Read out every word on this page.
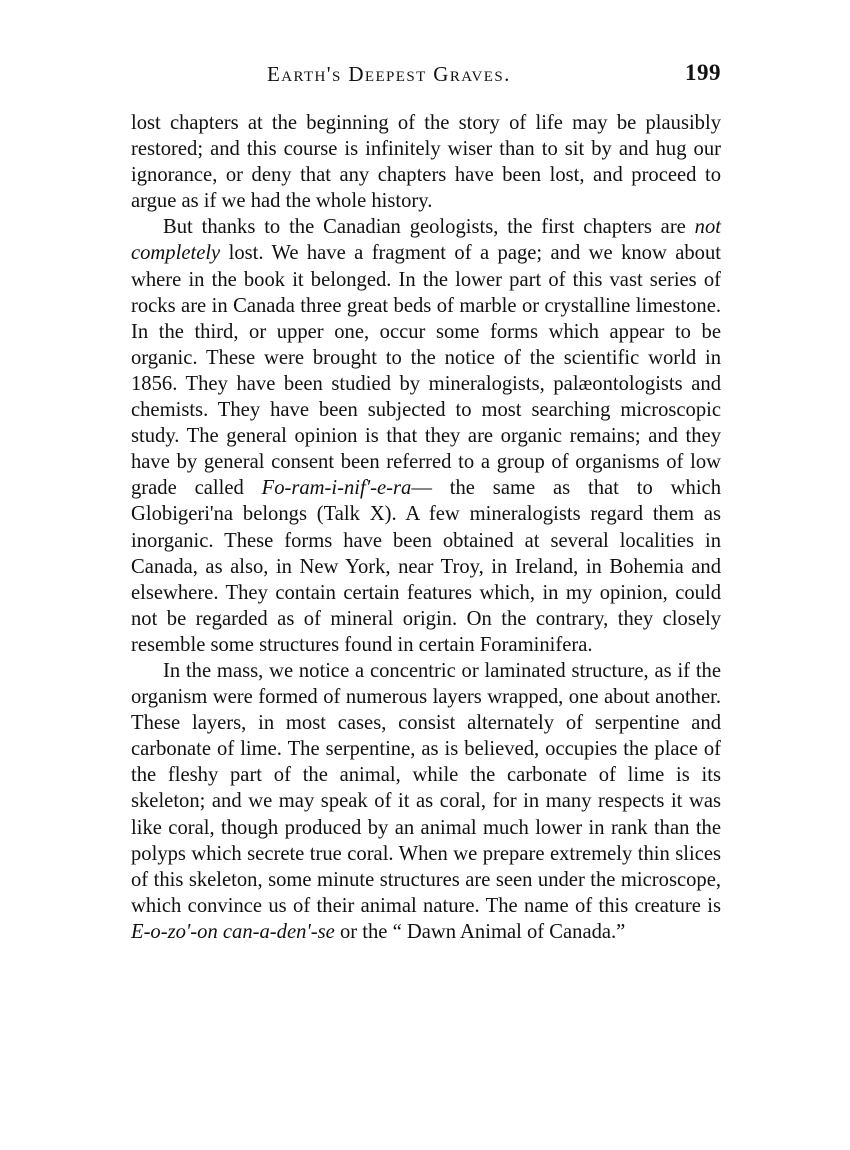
Earth's Deepest Graves.	199

lost chapters at the beginning of the story of life may be plausibly restored; and this course is infinitely wiser than to sit by and hug our ignorance, or deny that any chapters have been lost, and proceed to argue as if we had the whole history.

But thanks to the Canadian geologists, the first chapters are not completely lost. We have a fragment of a page; and we know about where in the book it belonged. In the lower part of this vast series of rocks are in Canada three great beds of marble or crystalline limestone. In the third, or upper one, occur some forms which appear to be organic. These were brought to the notice of the scientific world in 1856. They have been studied by mineralogists, palæontologists and chemists. They have been subjected to most searching microscopic study. The general opinion is that they are organic remains; and they have by general consent been referred to a group of organisms of low grade called Fo-ram-i-nif'-e-ra— the same as that to which Globigeri'na belongs (Talk X). A few mineralogists regard them as inorganic. These forms have been obtained at several localities in Canada, as also, in New York, near Troy, in Ireland, in Bohemia and elsewhere. They contain certain features which, in my opinion, could not be regarded as of mineral origin. On the contrary, they closely resemble some structures found in certain Foraminifera.

In the mass, we notice a concentric or laminated structure, as if the organism were formed of numerous layers wrapped, one about another. These layers, in most cases, consist alternately of serpentine and carbonate of lime. The serpentine, as is believed, occupies the place of the fleshy part of the animal, while the carbonate of lime is its skeleton; and we may speak of it as coral, for in many respects it was like coral, though produced by an animal much lower in rank than the polyps which secrete true coral. When we prepare extremely thin slices of this skeleton, some minute structures are seen under the microscope, which convince us of their animal nature. The name of this creature is E-o-zo'-on can-a-den'-se or the “ Dawn Animal of Canada.”
